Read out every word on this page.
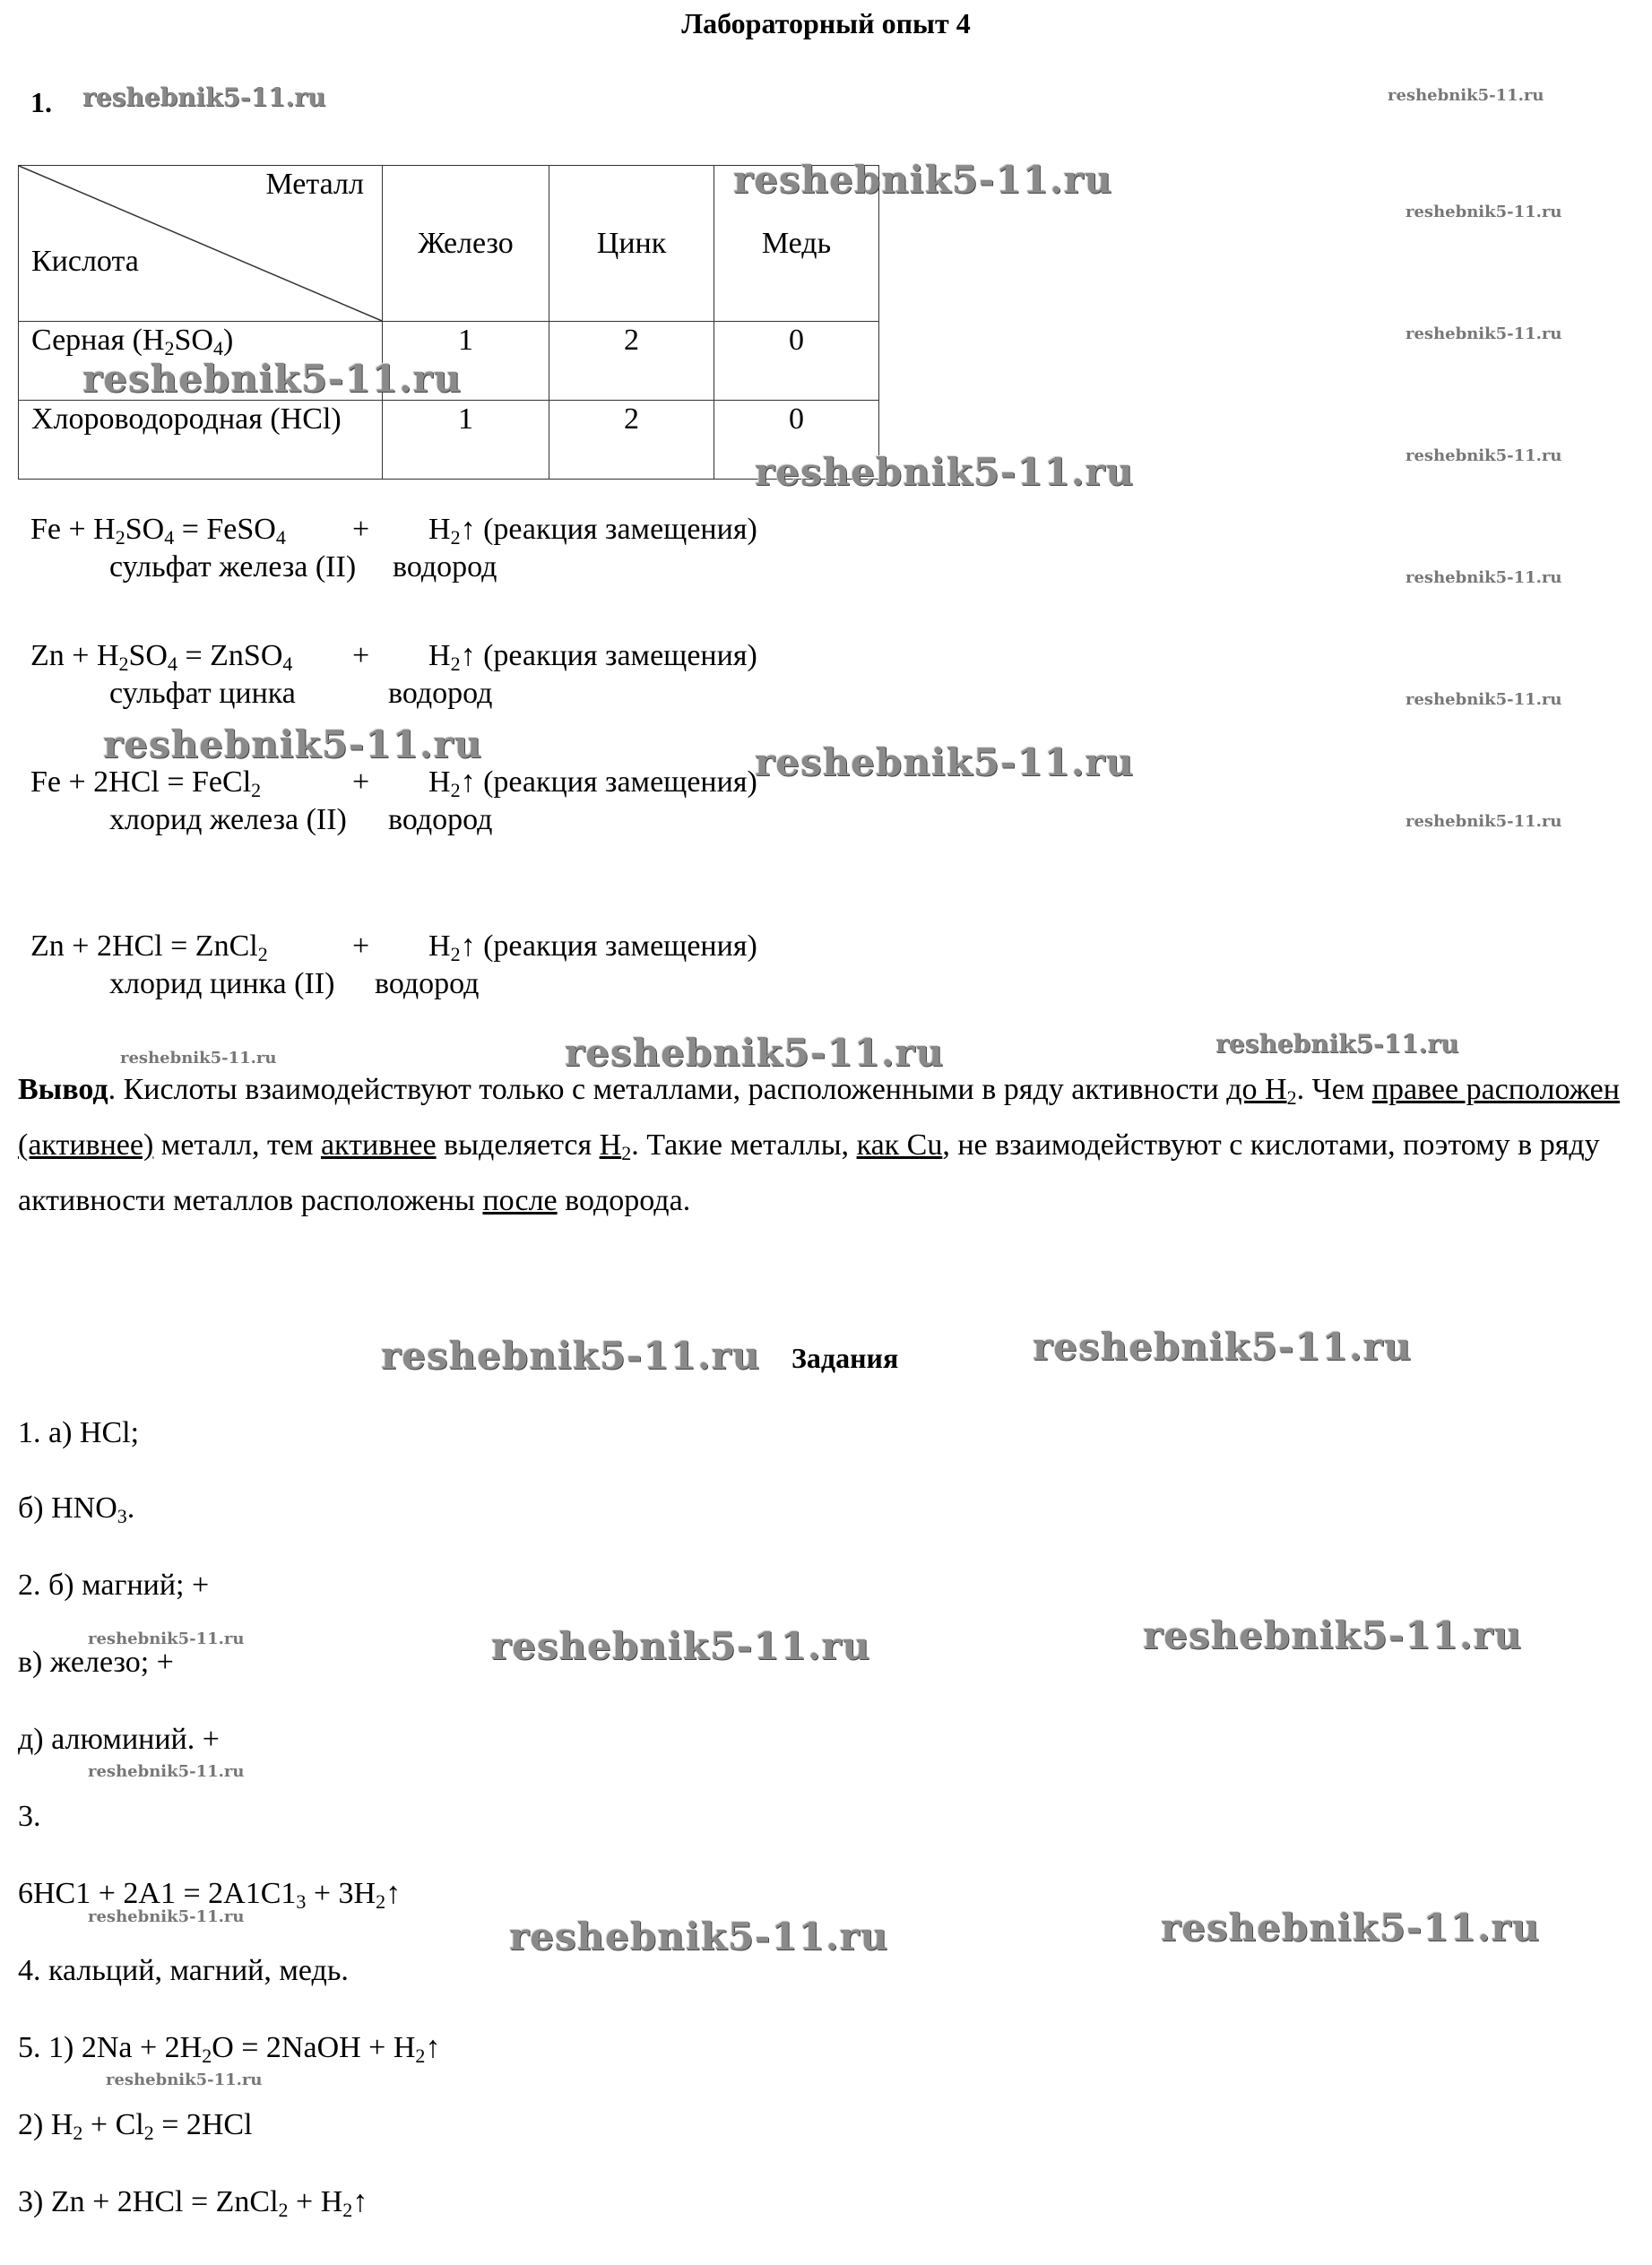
Лабораторный опыт 4
1.
Металл
Кислота	Железо	Цинк	Медь
Серная $(H_2SO_4)$	1	2	0
Хлороводородная (HCl)	1	2	0
$Fe + H_2SO_4$ = FeSO$_4$ + $H_2↑$ (реакция замещения)
сульфат железа (II) водород
$Zn + H_2SO_4$ = ZnSO$_4$ + $H_2↑$ (реакция замещения)
сульфат цинка	водород
Fe + 2HCl = FeCl$_2$	+ $H_2↑$ (реакция замещения)
хлорид железа (II) водород
Zn + 2HCl = ZnCl$_2$	+ $H_2↑$ (реакция замещения)
хлорид цинка (II) водород
Вывод. Кислоты взаимодействуют только с металлами, расположенными в ряду активности до $H_2$. Чем правее расположен (активнее) металл, тем активнее выделяется $H_2$. Такие металлы, как Cu, не взаимодействуют с кислотами, поэтому в ряду активности металлов расположены после водорода.
Задания
1. а) HCl;
б) $HNO_3$.
2. б) магний; +
в) железо; +
д) алюминий. +
3.
$6HC1 + 2A1 = 2A1C1_3$ + $3H_2↑$
4. кальций, магний, медь.
5. 1) $2Na + 2H_2O$ = 2NaOH + $H_2↑$
2) $H_2 + Cl_2 = 2HCl$
3) Zn + 2HCl = ZnCl$_2$ + $H_2↑$
reshebnik5-11.ru	reshebnik5-11.ru
reshebnik5-11.ru
reshebnik5-11.ru
reshebnik5-11.ru
reshebnik5-11.ru
reshebnik5-11.ru
reshebnik5-11.ru
reshebnik5-11.ru
reshebnik5-11.ru
reshebnik5-11.ru	reshebnik5-11.ru
reshebnik5-11.ru
reshebnik5-11.ru	reshebnik5-11.ru	reshebnik5-11.ru
reshebnik5-11.ru	reshebnik5-11.ru
reshebnik5-11.ru	reshebnik5-11.ru	reshebnik5-11.ru
reshebnik5-11.ru
reshebnik5-11.ru	reshebnik5-11.ru	reshebnik5-11.ru
reshebnik5-11.ru
